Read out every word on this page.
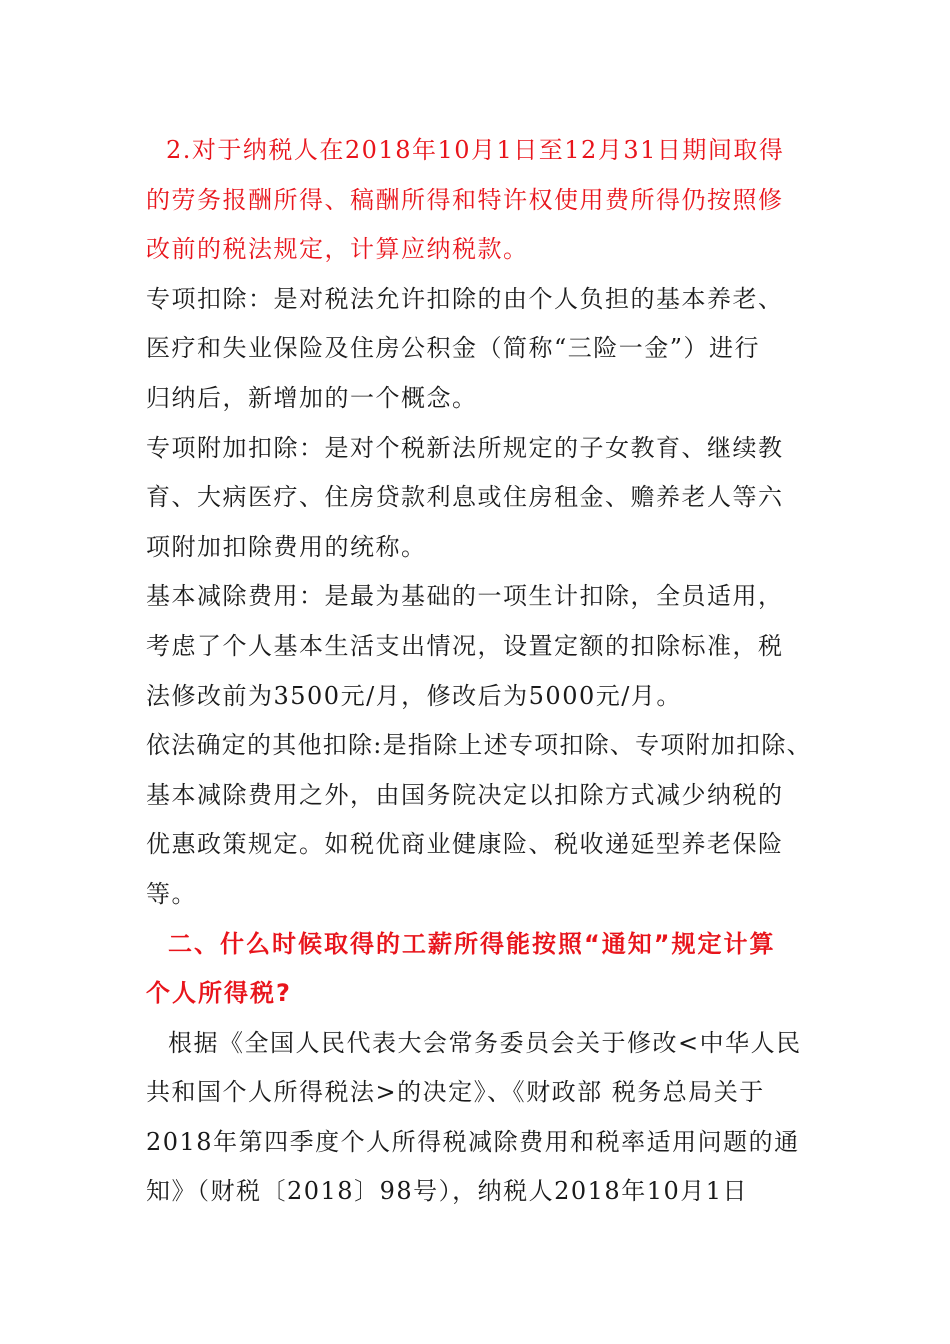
2.对于纳税人在2018年10月1日至12月31日期间取得
的劳务报酬所得、稿酬所得和特许权使用费所得仍按照修
改前的税法规定，计算应纳税款。
专项扣除：是对税法允许扣除的由个人负担的基本养老、
医疗和失业保险及住房公积金（简称“三险一金”）进行
归纳后，新增加的一个概念。
专项附加扣除：是对个税新法所规定的子女教育、继续教
育、大病医疗、住房贷款利息或住房租金、赡养老人等六
项附加扣除费用的统称。
基本减除费用：是最为基础的一项生计扣除，全员适用，
考虑了个人基本生活支出情况，设置定额的扣除标准，税
法修改前为3500元/月，修改后为5000元/月。
依法确定的其他扣除:是指除上述专项扣除、专项附加扣除、
基本减除费用之外，由国务院决定以扣除方式减少纳税的
优惠政策规定。如税优商业健康险、税收递延型养老保险
等。
二、什么时候取得的工薪所得能按照“通知”规定计算
个人所得税?
根据《全国人民代表大会常务委员会关于修改<中华人民
共和国个人所得税法>的决定》、《财政部 税务总局关于
2018年第四季度个人所得税减除费用和税率适用问题的通
知》（财税〔2018〕98号），纳税人2018年10月1日
